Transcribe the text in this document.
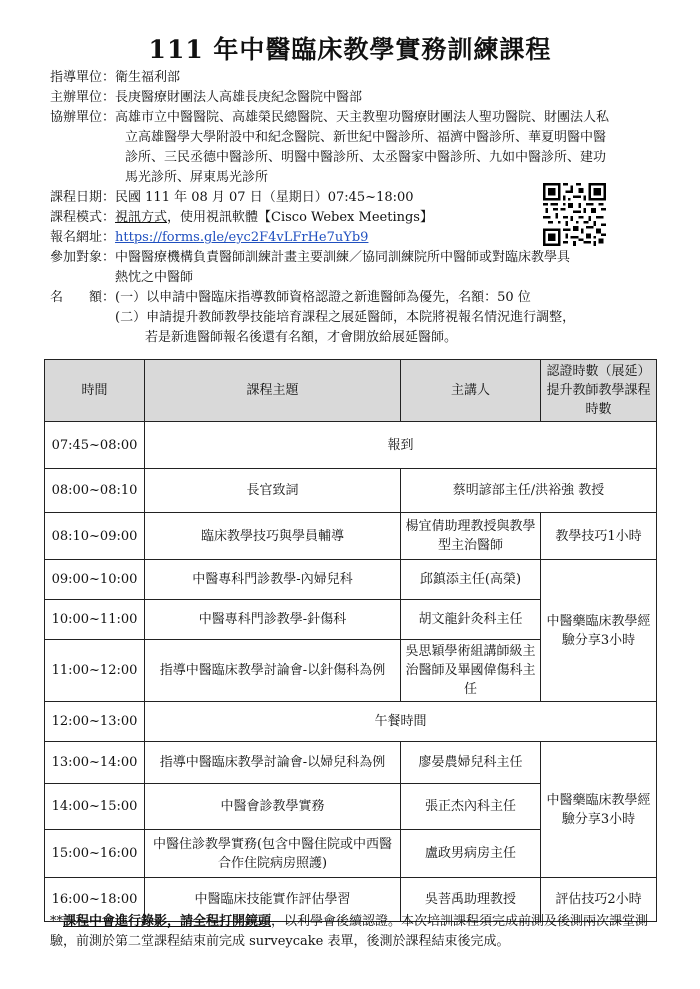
111 年中醫臨床教學實務訓練課程
指導單位： 衛生福利部
主辦單位： 長庚醫療財團法人高雄長庚紀念醫院中醫部
協辦單位： 高雄市立中醫醫院、高雄榮民總醫院、天主教聖功醫療財團法人聖功醫院、財團法人私
立高雄醫學大學附設中和紀念醫院、新世紀中醫診所、福濟中醫診所、華夏明醫中醫
診所、三民丞德中醫診所、明醫中醫診所、太丞醫家中醫診所、九如中醫診所、建功
馬光診所、屏東馬光診所
課程日期： 民國 111 年 08 月 07 日（星期日）07:45~18:00
課程模式： 視訊方式，使用視訊軟體【Cisco Webex Meetings】
報名網址： https://forms.gle/eyc2F4vLFrHe7uYb9
參加對象： 中醫醫療機構負責醫師訓練計畫主要訓練／協同訓練院所中醫師或對臨床教學具
熱忱之中醫師
名　　額： (一）以申請中醫臨床指導教師資格認證之新進醫師為優先，名額：50 位
(二）申請提升教師教學技能培育課程之展延醫師，本院將視報名情況進行調整，
若是新進醫師報名後還有名額，才會開放給展延醫師。
時間	課程主題	主講人	認證時數（展延）提升教師教學課程時數
07:45~08:00	報到		
08:00~08:10	長官致詞	蔡明諺部主任/洪裕強 教授	
08:10~09:00	臨床教學技巧與學員輔導	楊宜倩助理教授與教學型主治醫師	教學技巧1小時
09:00~10:00	中醫專科門診教學-內婦兒科	邱鎮添主任(高榮)	中醫藥臨床教學經驗分享3小時
10:00~11:00	中醫專科門診教學-針傷科	胡文龍針灸科主任	
11:00~12:00	指導中醫臨床教學討論會-以針傷科為例	吳思穎學術組講師級主治醫師及畢國偉傷科主任	
12:00~13:00	午餐時間		
13:00~14:00	指導中醫臨床教學討論會-以婦兒科為例	廖晏農婦兒科主任	中醫藥臨床教學經驗分享3小時
14:00~15:00	中醫會診教學實務	張正杰內科主任	
15:00~16:00	中醫住診教學實務(包含中醫住院或中西醫合作住院病房照護)	盧政男病房主任	
16:00~18:00	中醫臨床技能實作評估學習	吳菩禹助理教授	評估技巧2小時
**課程中會進行錄影，請全程打開鏡頭，以利學會後續認證。本次培訓課程須完成前測及後測兩次課堂測驗，前測於第二堂課程結束前完成 surveycake 表單，後測於課程結束後完成。
